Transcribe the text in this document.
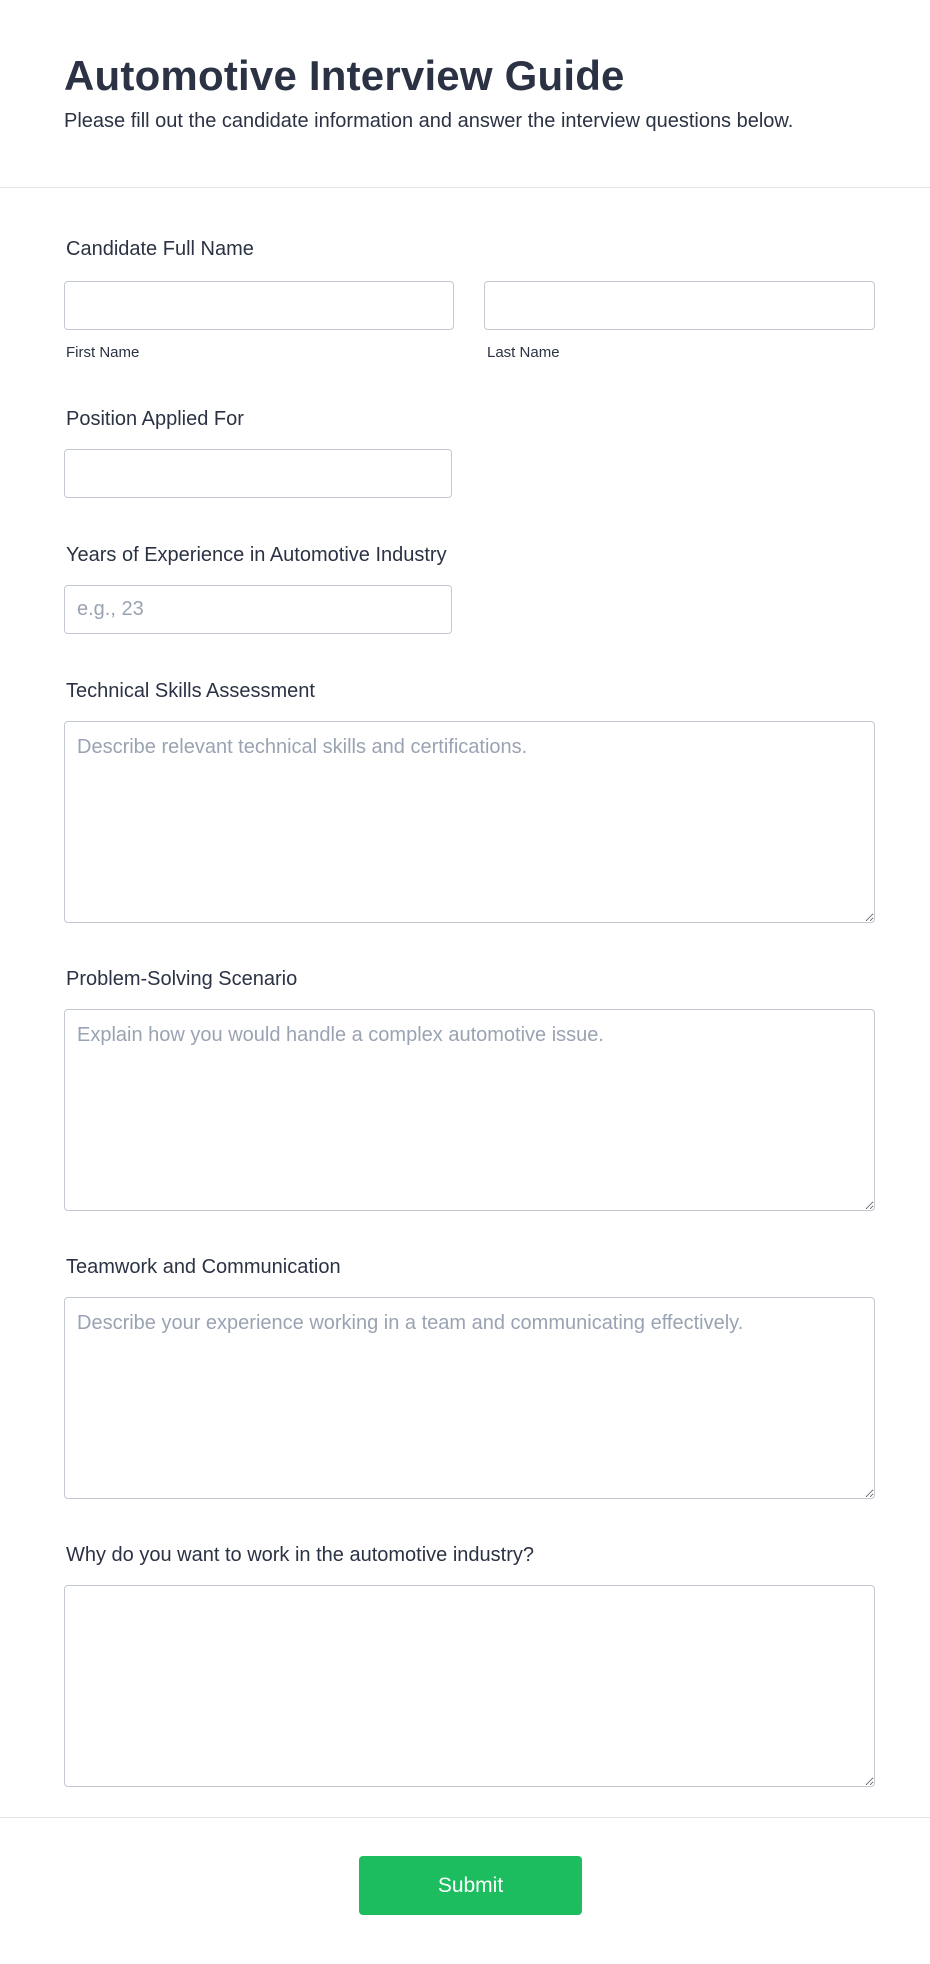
Automotive Interview Guide

Please fill out the candidate information and answer the interview questions below.

Candidate Full Name
First Name	Last Name
Position Applied For
Years of Experience in Automotive Industry
e.g., 23
Technical Skills Assessment
Describe relevant technical skills and certifications.
Problem-Solving Scenario
Explain how you would handle a complex automotive issue.
Teamwork and Communication
Describe your experience working in a team and communicating effectively.
Why do you want to work in the automotive industry?
Submit
